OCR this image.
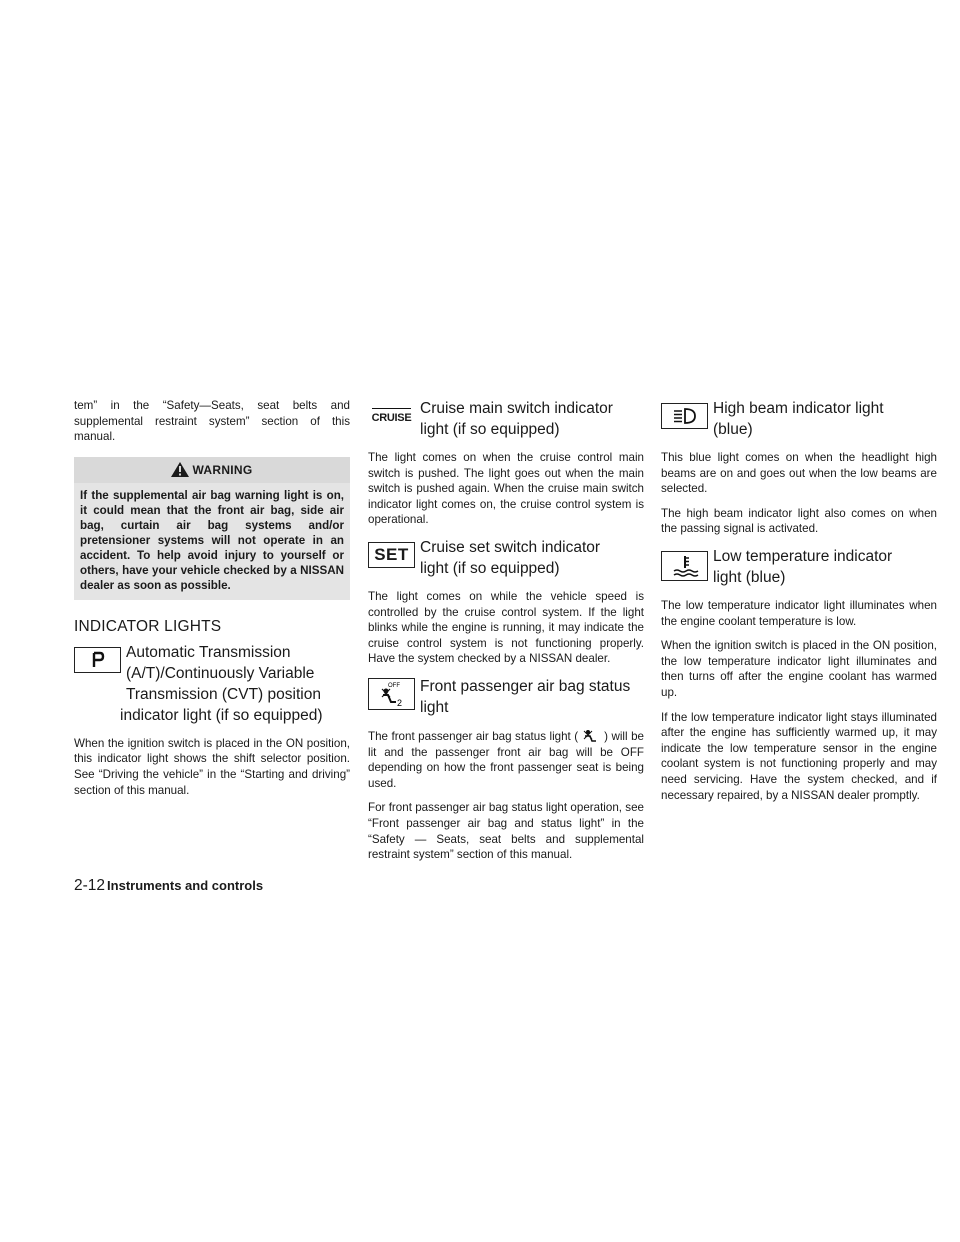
tem” in the “Safety—Seats, seat belts and supplemental restraint system” section of this manual.

WARNING
If the supplemental air bag warning light is on, it could mean that the front air bag, side air bag, curtain air bag systems and/or pretensioner systems will not operate in an accident. To help avoid injury to yourself or others, have your vehicle checked by a NISSAN dealer as soon as possible.
INDICATOR LIGHTS
Automatic Transmission
(A/T)/Continuously Variable
Transmission (CVT) position
indicator light (if so equipped)

When the ignition switch is placed in the ON position, this indicator light shows the shift selector position. See “Driving the vehicle” in the “Starting and driving” section of this manual.

CRUISE
Cruise main switch indicator
light (if so equipped)

The light comes on when the cruise control main switch is pushed. The light goes out when the main switch is pushed again. When the cruise main switch indicator light comes on, the cruise control system is operational.

SET Cruise set switch indicator
light (if so equipped)

The light comes on while the vehicle speed is controlled by the cruise control system. If the light blinks while the engine is running, it may indicate the cruise control system is not functioning properly. Have the system checked by a NISSAN dealer.

OFF
2
Front passenger air bag status
light

The front passenger air bag status light ( ) will be lit and the passenger front air bag will be OFF depending on how the front passenger seat is being used.

For front passenger air bag status light operation, see “Front passenger air bag and status light” in the “Safety — Seats, seat belts and supplemental restraint system” section of this manual.

High beam indicator light
(blue)

This blue light comes on when the headlight high beams are on and goes out when the low beams are selected.

The high beam indicator light also comes on when the passing signal is activated.

Low temperature indicator
light (blue)

The low temperature indicator light illuminates when the engine coolant temperature is low.

When the ignition switch is placed in the ON position, the low temperature indicator light illuminates and then turns off after the engine coolant has warmed up.

If the low temperature indicator light stays illuminated after the engine has sufficiently warmed up, it may indicate the low temperature sensor in the engine coolant system is not functioning properly and may need servicing. Have the system checked, and if necessary repaired, by a NISSAN dealer promptly.

2-12 Instruments and controls
